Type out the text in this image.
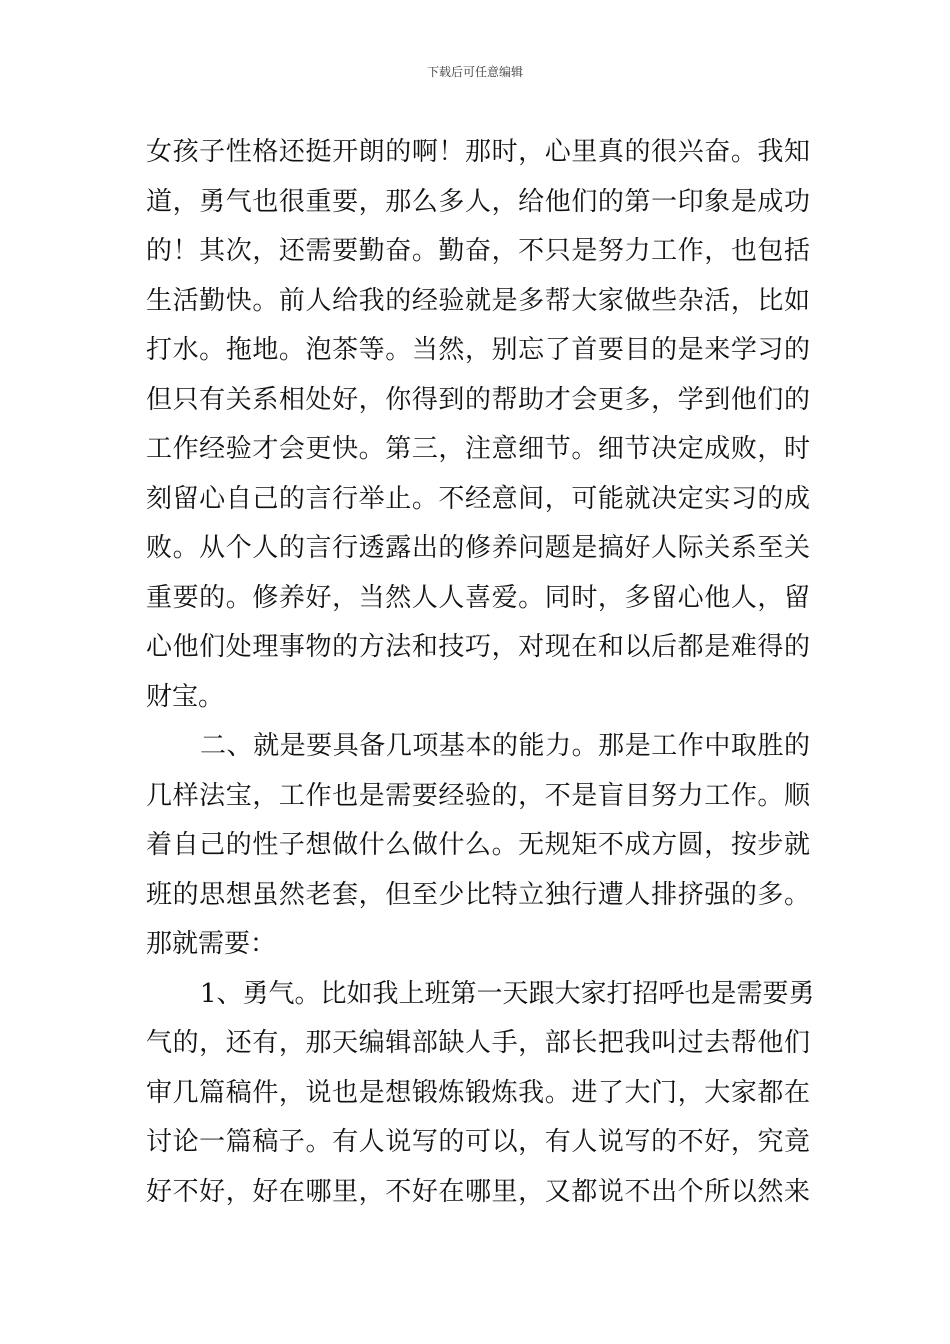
下载后可任意编辑
女孩子性格还挺开朗的啊！那时，心里真的很兴奋。我知
道，勇气也很重要，那么多人，给他们的第一印象是成功
的！其次，还需要勤奋。勤奋，不只是努力工作，也包括
生活勤快。前人给我的经验就是多帮大家做些杂活，比如
打水。拖地。泡茶等。当然，别忘了首要目的是来学习的
但只有关系相处好，你得到的帮助才会更多，学到他们的
工作经验才会更快。第三，注意细节。细节决定成败，时
刻留心自己的言行举止。不经意间，可能就决定实习的成
败。从个人的言行透露出的修养问题是搞好人际关系至关
重要的。修养好，当然人人喜爱。同时，多留心他人，留
心他们处理事物的方法和技巧，对现在和以后都是难得的
财宝。
二、就是要具备几项基本的能力。那是工作中取胜的
几样法宝，工作也是需要经验的，不是盲目努力工作。顺
着自己的性子想做什么做什么。无规矩不成方圆，按步就
班的思想虽然老套，但至少比特立独行遭人排挤强的多。
那就需要：
1、勇气。比如我上班第一天跟大家打招呼也是需要勇
气的，还有，那天编辑部缺人手，部长把我叫过去帮他们
审几篇稿件，说也是想锻炼锻炼我。进了大门，大家都在
讨论一篇稿子。有人说写的可以，有人说写的不好，究竟
好不好，好在哪里，不好在哪里，又都说不出个所以然来
